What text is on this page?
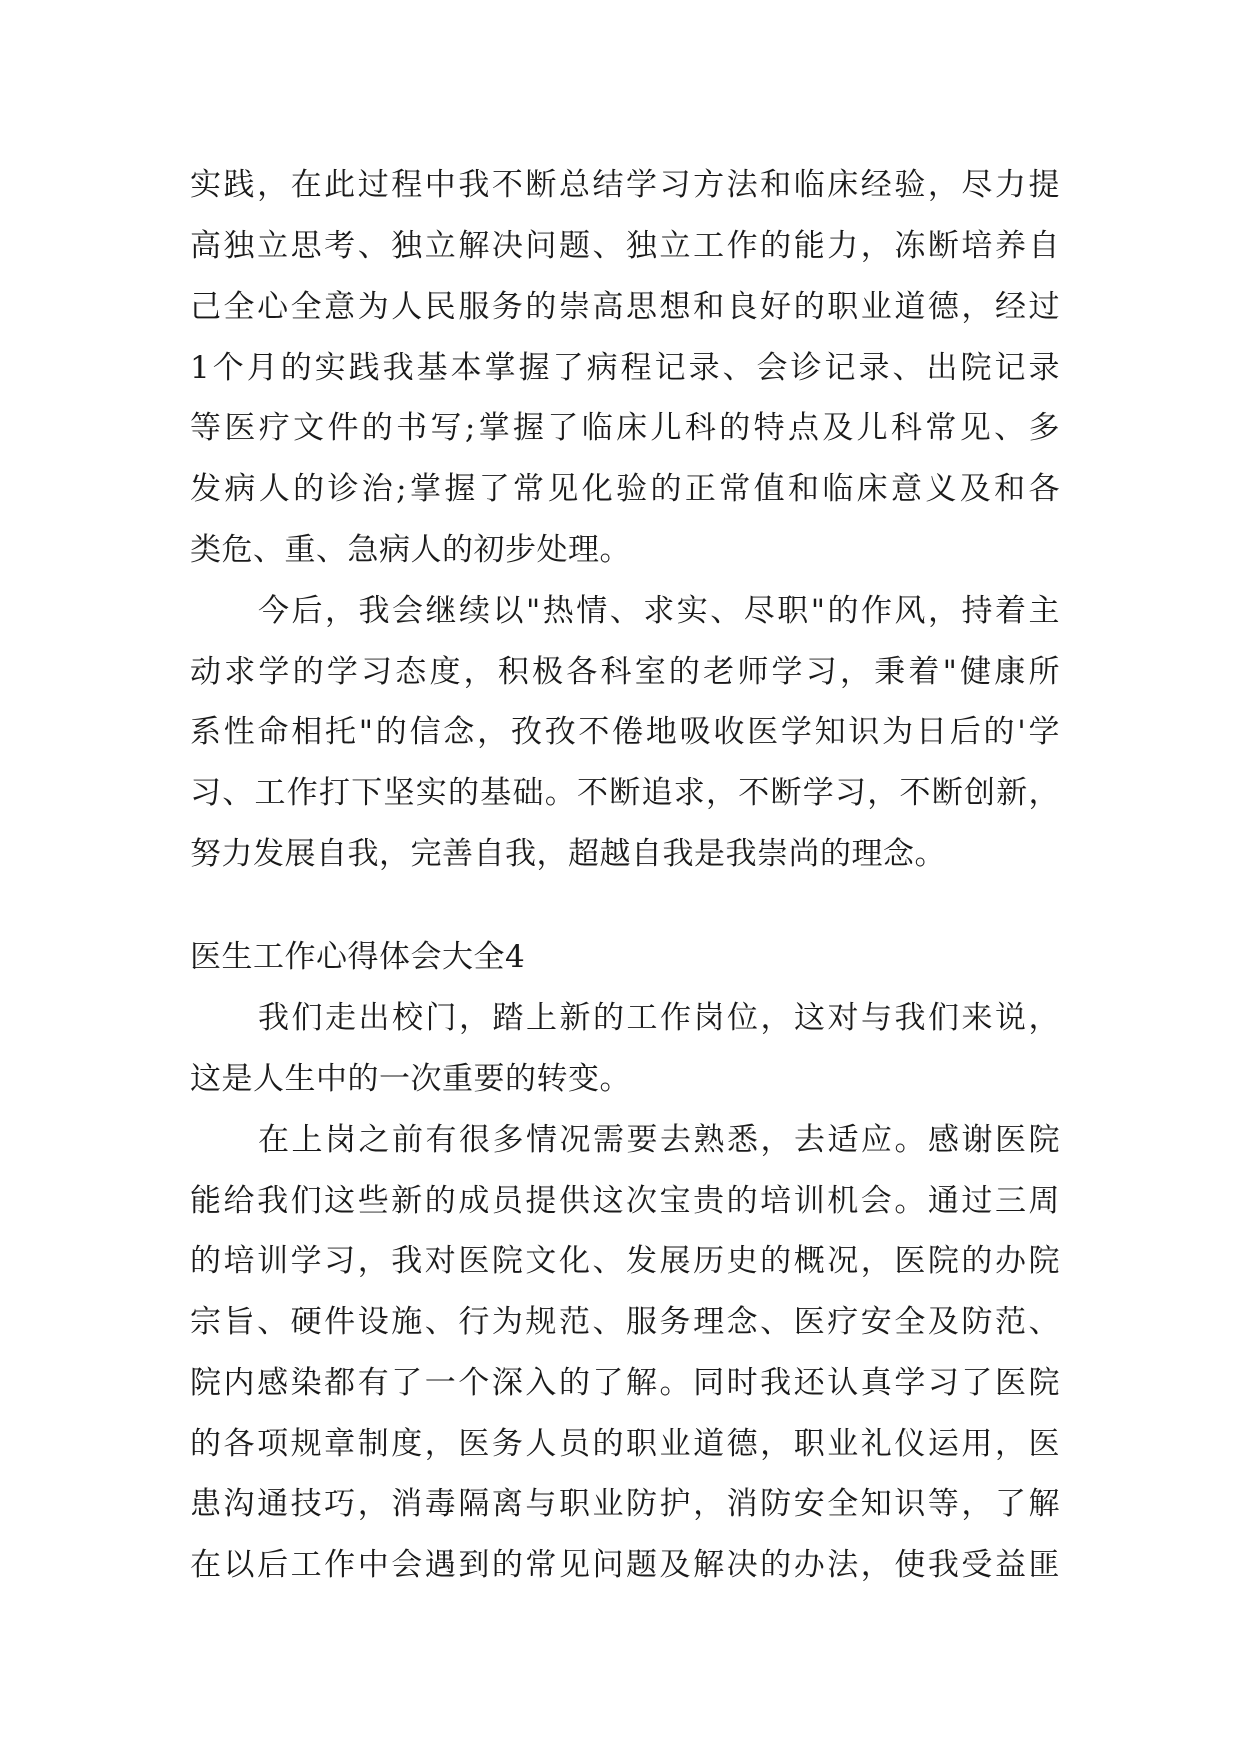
实践，在此过程中我不断总结学习方法和临床经验，尽力提
高独立思考、独立解决问题、独立工作的能力，冻断培养自
己全心全意为人民服务的崇高思想和良好的职业道德，经过
1个月的实践我基本掌握了病程记录、会诊记录、出院记录
等医疗文件的书写;掌握了临床儿科的特点及儿科常见、多
发病人的诊治;掌握了常见化验的正常值和临床意义及和各
类危、重、急病人的初步处理。
今后，我会继续以"热情、求实、尽职"的作风，持着主
动求学的学习态度，积极各科室的老师学习，秉着"健康所
系性命相托"的信念，孜孜不倦地吸收医学知识为日后的'学
习、工作打下坚实的基础。不断追求，不断学习，不断创新，
努力发展自我，完善自我，超越自我是我崇尚的理念。
医生工作心得体会大全4
我们走出校门，踏上新的工作岗位，这对与我们来说，
这是人生中的一次重要的转变。
在上岗之前有很多情况需要去熟悉，去适应。感谢医院
能给我们这些新的成员提供这次宝贵的培训机会。通过三周
的培训学习，我对医院文化、发展历史的概况，医院的办院
宗旨、硬件设施、行为规范、服务理念、医疗安全及防范、
院内感染都有了一个深入的了解。同时我还认真学习了医院
的各项规章制度，医务人员的职业道德，职业礼仪运用，医
患沟通技巧，消毒隔离与职业防护，消防安全知识等，了解
在以后工作中会遇到的常见问题及解决的办法，使我受益匪
